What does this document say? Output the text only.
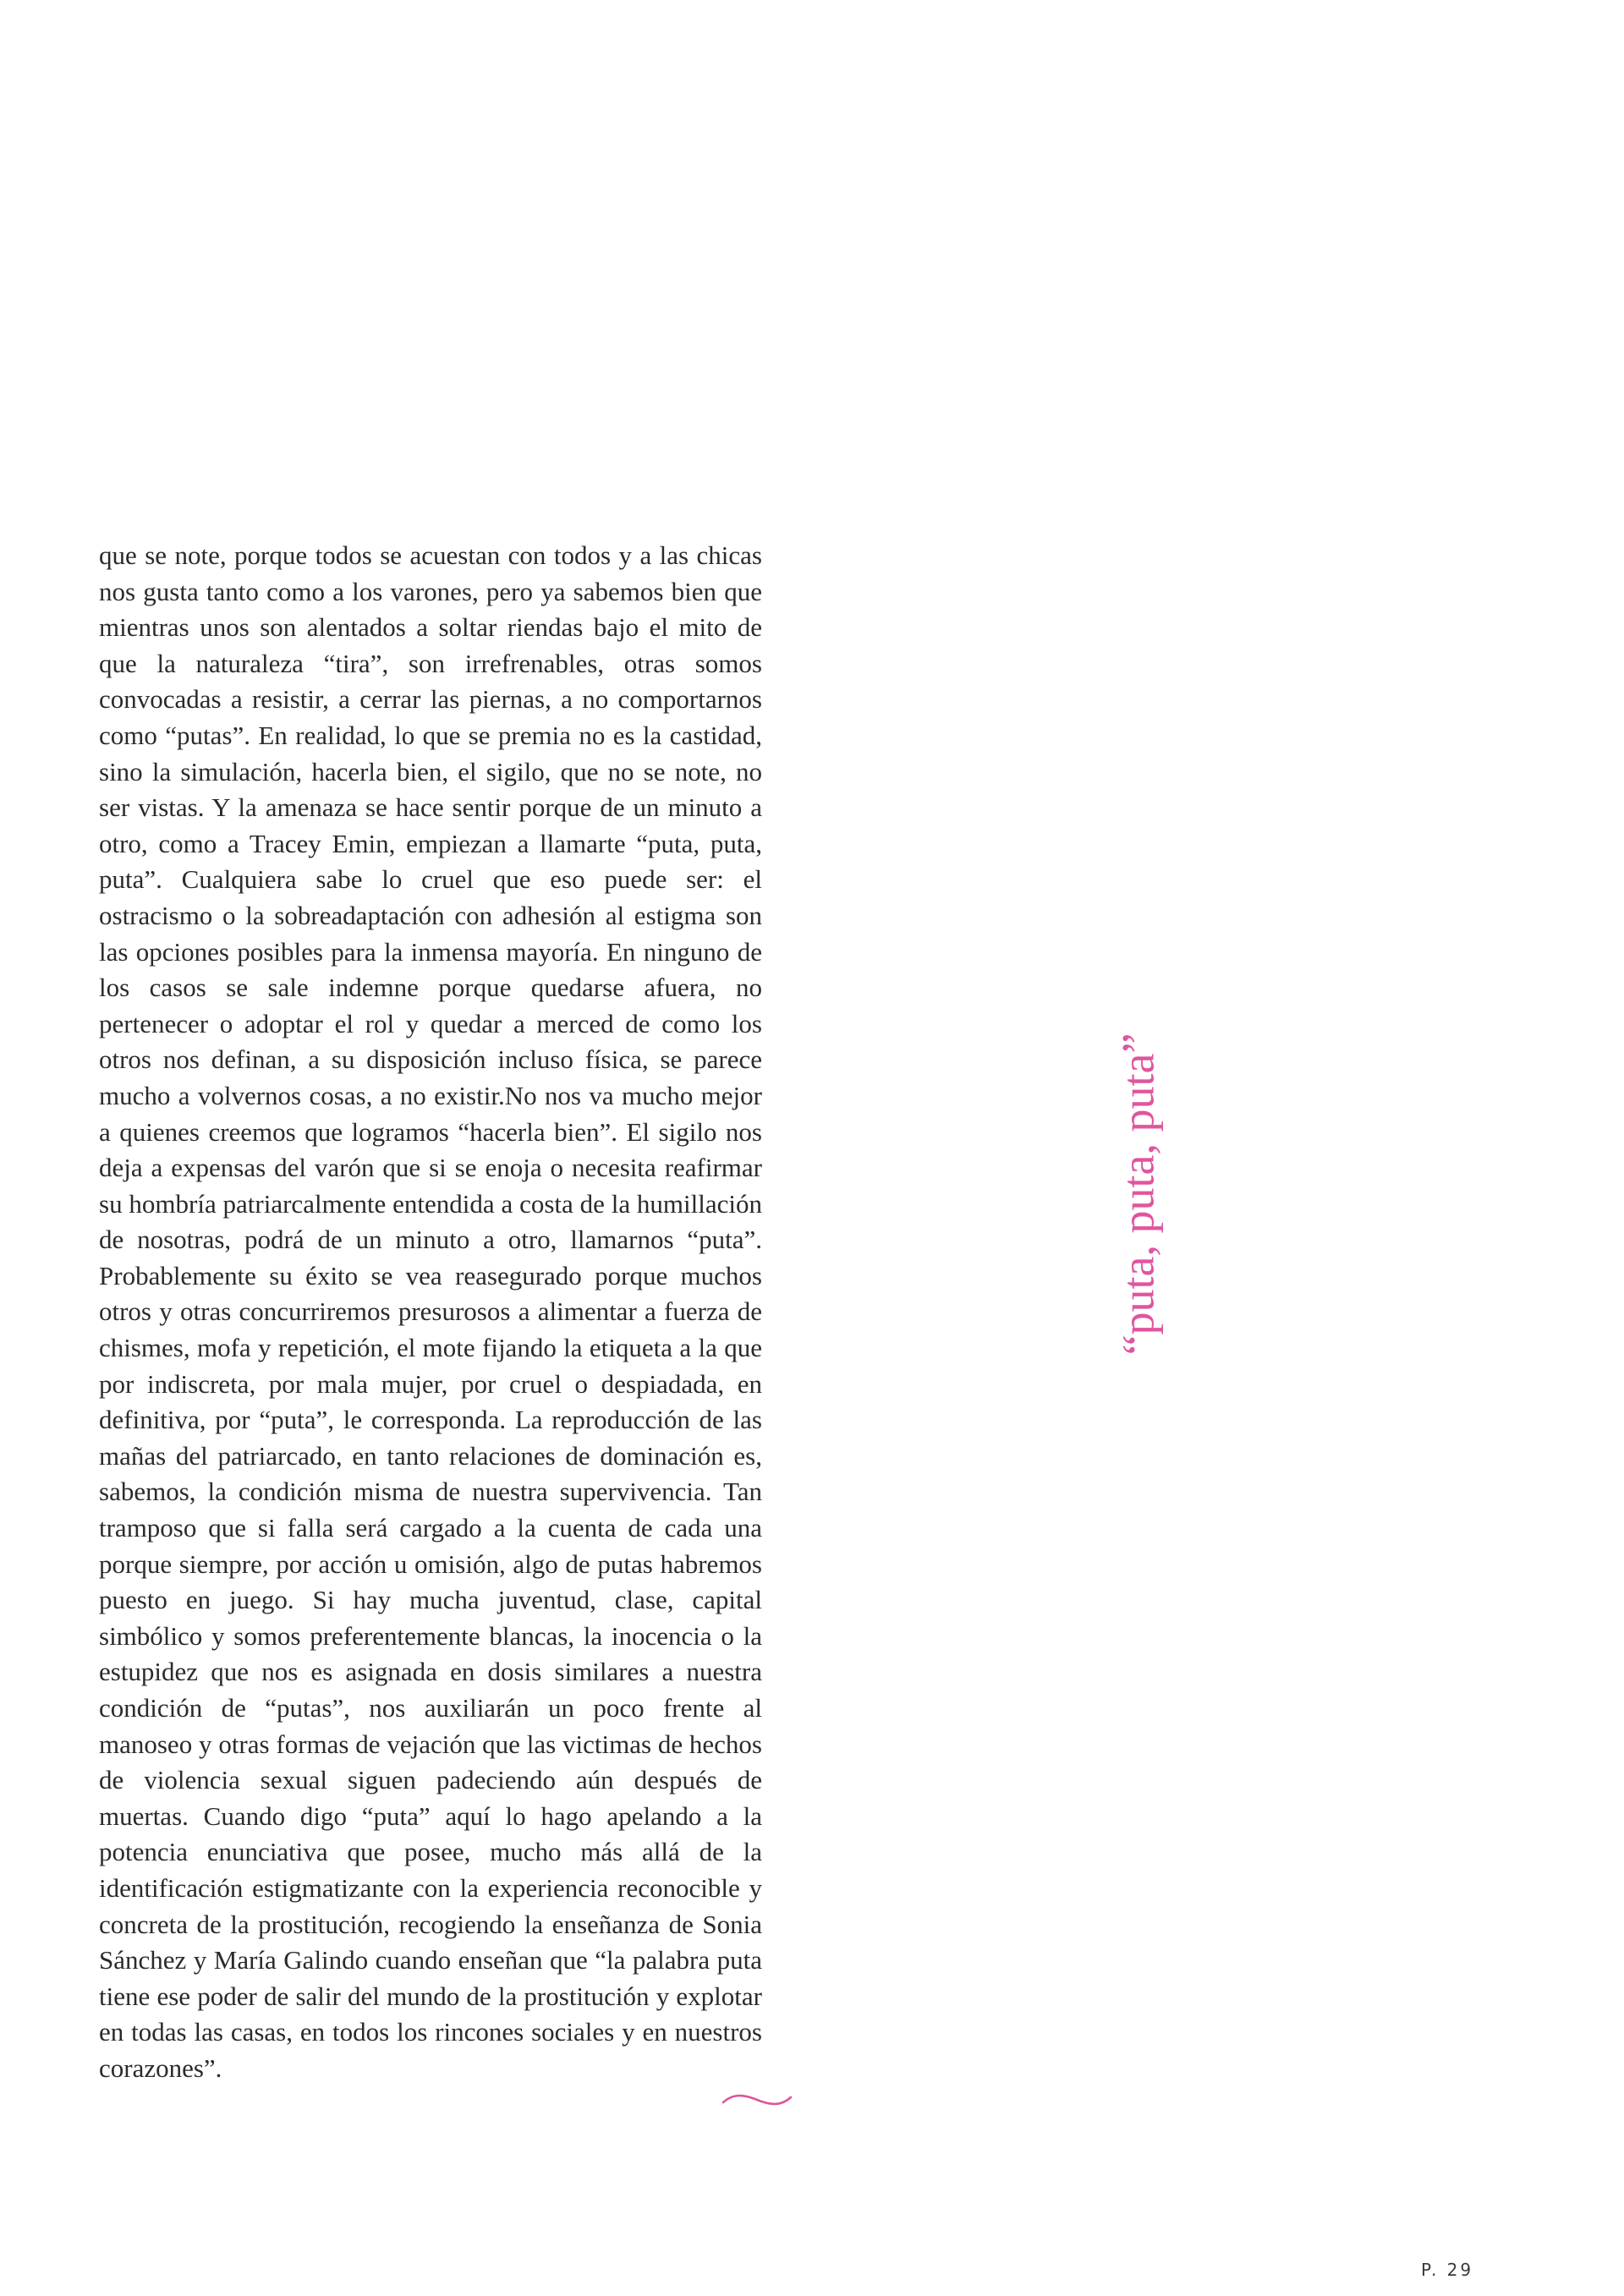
que se note, porque todos se acuestan con todos y a las chicas nos gusta tanto como a los varones, pero ya sabemos bien que mientras unos son alentados a soltar riendas bajo el mito de que la naturaleza “tira”, son irrefrenables, otras somos convocadas a resistir, a cerrar las piernas, a no comportarnos como “putas”. En realidad, lo que se premia no es la castidad, sino la simulación, hacerla bien, el sigilo, que no se note, no ser vistas. Y la amenaza se hace sentir porque de un minuto a otro, como a Tracey Emin, empiezan a llamarte “puta, puta, puta”. Cualquiera sabe lo cruel que eso puede ser: el ostracismo o la sobreadaptación con adhesión al estigma son las opciones posibles para la inmensa mayoría. En ninguno de los casos se sale indemne porque quedarse afuera, no pertenecer o adoptar el rol y quedar a merced de como los otros nos definan, a su disposición incluso física, se parece mucho a volvernos cosas, a no existir.No nos va mucho mejor a quienes creemos que logramos “hacerla bien”. El sigilo nos deja a expensas del varón que si se enoja o necesita reafirmar su hombría patriarcalmente entendida a costa de la humillación de nosotras, podrá de un minuto a otro, llamarnos “puta”. Probablemente su éxito se vea reasegurado porque muchos otros y otras concurriremos presurosos a alimentar a fuerza de chismes, mofa y repetición, el mote fijando la etiqueta a la que por indiscreta, por mala mujer, por cruel o despiadada, en definitiva, por “puta”, le corresponda. La reproducción de las mañas del patriarcado, en tanto relaciones de dominación es, sabemos, la condición misma de nuestra supervivencia. Tan tramposo que si falla será cargado a la cuenta de cada una porque siempre, por acción u omisión, algo de putas habremos puesto en juego. Si hay mucha juventud, clase, capital simbólico y somos preferentemente blancas, la inocencia o la estupidez que nos es asignada en dosis similares a nuestra condición de “putas”, nos auxiliarán un poco frente al manoseo y otras formas de vejación que las victimas de hechos de violencia sexual siguen padeciendo aún después de muertas. Cuando digo “puta” aquí lo hago apelando a la potencia enunciativa que posee, mucho más allá de la identificación estigmatizante con la experiencia reconocible y concreta de la prostitución, recogiendo la enseñanza de Sonia Sánchez y María Galindo cuando enseñan que “la palabra puta tiene ese poder de salir del mundo de la prostitución y explotar en todas las casas, en todos los rincones sociales y en nuestros corazones”.

“puta, puta, puta”
P. 29
